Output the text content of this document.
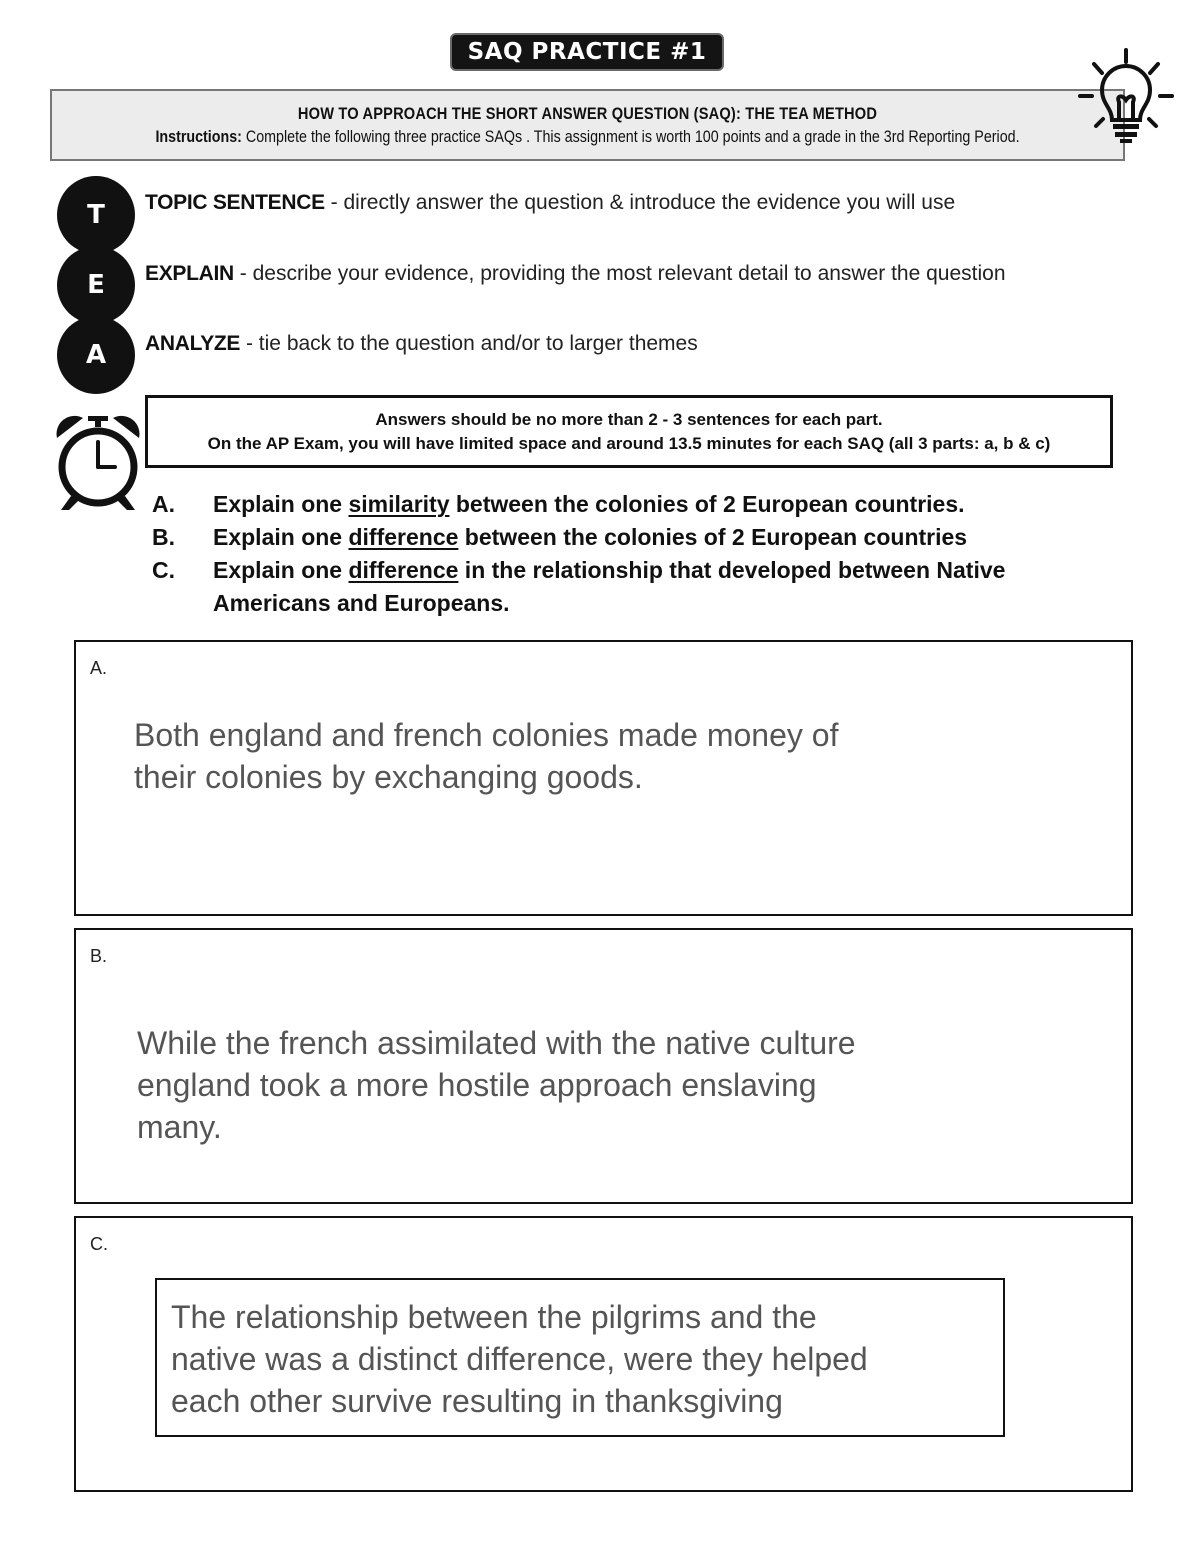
SAQ PRACTICE #1
HOW TO APPROACH THE SHORT ANSWER QUESTION (SAQ): THE TEA METHOD
Instructions: Complete the following three practice SAQs . This assignment is worth 100 points and a grade in the 3rd Reporting Period.
T	TOPIC SENTENCE - directly answer the question & introduce the evidence you will use
E	EXPLAIN - describe your evidence, providing the most relevant detail to answer the question
A	ANALYZE - tie back to the question and/or to larger themes
Answers should be no more than 2 - 3 sentences for each part.
On the AP Exam, you will have limited space and around 13.5 minutes for each SAQ (all 3 parts: a, b & c)
A. Explain one similarity between the colonies of 2 European countries.
B. Explain one difference between the colonies of 2 European countries
C. Explain one difference in the relationship that developed between Native
Americans and Europeans.
A.
Both england and french colonies made money of
their colonies by exchanging goods.
B.
While the french assimilated with the native culture
england took a more hostile approach enslaving
many.
C.
The relationship between the pilgrims and the
native was a distinct difference, were they helped
each other survive resulting in thanksgiving
